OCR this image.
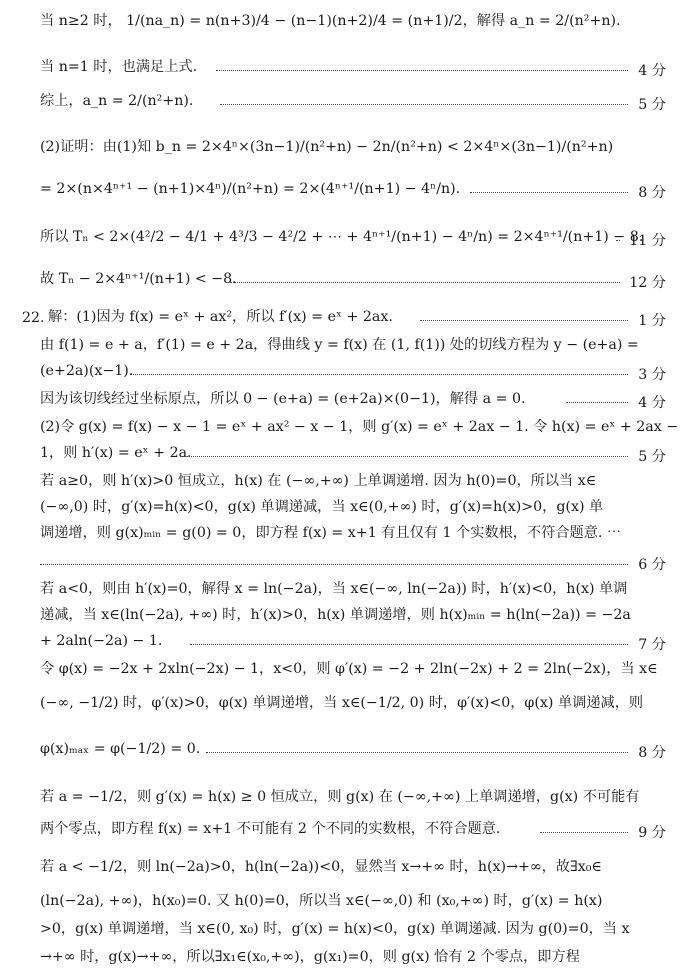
当 n≥2 时， 1/(na_n) = n(n+3)/4 − (n−1)(n+2)/4 = (n+1)/2，解得 a_n = 2/(n²+n).
当 n=1 时，也满足上式.	4 分
综上，a_n = 2/(n²+n).	5 分
(2)证明：由(1)知 b_n = 2×4ⁿ×(3n−1)/(n²+n) − 2n/(n²+n) < 2×4ⁿ×(3n−1)/(n²+n)
= 2×(n×4ⁿ⁺¹ − (n+1)×4ⁿ)/(n²+n) = 2×(4ⁿ⁺¹/(n+1) − 4ⁿ/n).	8 分
所以 Tₙ < 2×(4²/2 − 4/1 + 4³/3 − 4²/2 + ⋯ + 4ⁿ⁺¹/(n+1) − 4ⁿ/n) = 2×4ⁿ⁺¹/(n+1) − 8.
11 分
故 Tₙ − 2×4ⁿ⁺¹/(n+1) < −8.	12 分
22. 解：(1)因为 f(x) = eˣ + ax²，所以 f′(x) = eˣ + 2ax.	1 分
由 f(1) = e + a，f′(1) = e + 2a，得曲线 y = f(x) 在 (1, f(1)) 处的切线方程为 y − (e+a) =
(e+2a)(x−1).	3 分
因为该切线经过坐标原点，所以 0 − (e+a) = (e+2a)×(0−1)，解得 a = 0.	4 分
(2)令 g(x) = f(x) − x − 1 = eˣ + ax² − x − 1，则 g′(x) = eˣ + 2ax − 1. 令 h(x) = eˣ + 2ax −
1，则 h′(x) = eˣ + 2a.	5 分
若 a≥0，则 h′(x)>0 恒成立，h(x) 在 (−∞,+∞) 上单调递增. 因为 h(0)=0，所以当 x∈
(−∞,0) 时，g′(x)=h(x)<0，g(x) 单调递减，当 x∈(0,+∞) 时，g′(x)=h(x)>0，g(x) 单
调递增，则 g(x)ₘᵢₙ = g(0) = 0，即方程 f(x) = x+1 有且仅有 1 个实数根，不符合题意. ⋯
6 分
若 a<0，则由 h′(x)=0，解得 x = ln(−2a)，当 x∈(−∞, ln(−2a)) 时，h′(x)<0，h(x) 单调
递减，当 x∈(ln(−2a), +∞) 时，h′(x)>0，h(x) 单调递增，则 h(x)ₘᵢₙ = h(ln(−2a)) = −2a
+ 2aln(−2a) − 1.	7 分
令 φ(x) = −2x + 2xln(−2x) − 1，x<0，则 φ′(x) = −2 + 2ln(−2x) + 2 = 2ln(−2x)，当 x∈
(−∞, −1/2) 时，φ′(x)>0，φ(x) 单调递增，当 x∈(−1/2, 0) 时，φ′(x)<0，φ(x) 单调递减，则
φ(x)ₘₐₓ = φ(−1/2) = 0.	8 分
若 a = −1/2，则 g′(x) = h(x) ≥ 0 恒成立，则 g(x) 在 (−∞,+∞) 上单调递增，g(x) 不可能有
两个零点，即方程 f(x) = x+1 不可能有 2 个不同的实数根，不符合题意.	9 分
若 a < −1/2，则 ln(−2a)>0，h(ln(−2a))<0，显然当 x→+∞ 时，h(x)→+∞，故∃x₀∈
(ln(−2a), +∞)，h(x₀)=0. 又 h(0)=0，所以当 x∈(−∞,0) 和 (x₀,+∞) 时，g′(x) = h(x)
>0，g(x) 单调递增，当 x∈(0, x₀) 时，g′(x) = h(x)<0，g(x) 单调递减. 因为 g(0)=0，当 x
→+∞ 时，g(x)→+∞，所以∃x₁∈(x₀,+∞)，g(x₁)=0，则 g(x) 恰有 2 个零点，即方程
